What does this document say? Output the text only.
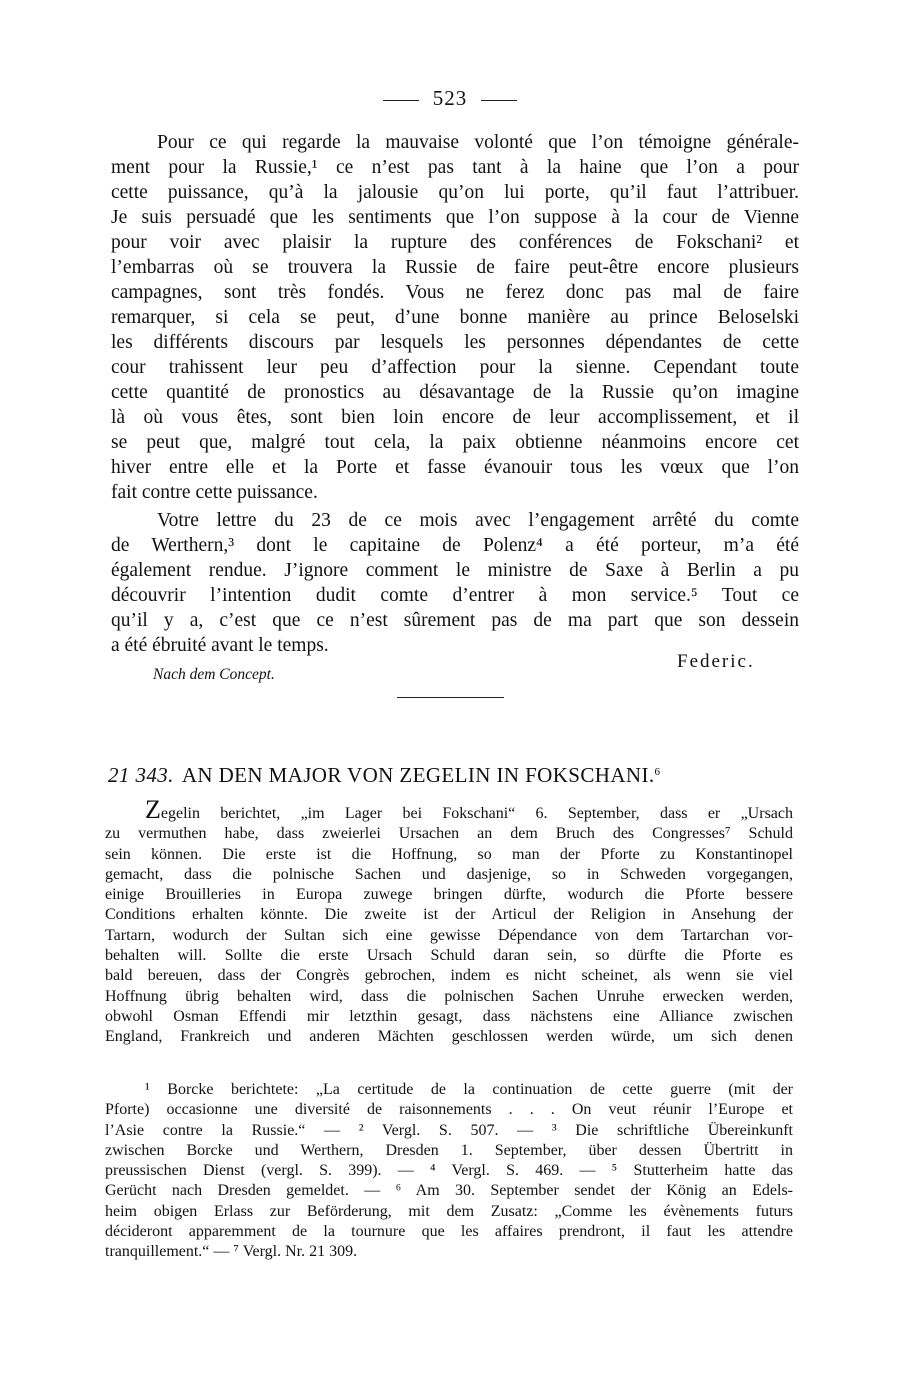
523
Pour ce qui regarde la mauvaise volonté que l’on témoigne générale-
ment pour la Russie,¹ ce n’est pas tant à la haine que l’on a pour
cette puissance, qu’à la jalousie qu’on lui porte, qu’il faut l’attribuer.
Je suis persuadé que les sentiments que l’on suppose à la cour de Vienne
pour voir avec plaisir la rupture des conférences de Fokschani² et
l’embarras où se trouvera la Russie de faire peut-être encore plusieurs
campagnes, sont très fondés. Vous ne ferez donc pas mal de faire
remarquer, si cela se peut, d’une bonne manière au prince Beloselski
les différents discours par lesquels les personnes dépendantes de cette
cour trahissent leur peu d’affection pour la sienne. Cependant toute
cette quantité de pronostics au désavantage de la Russie qu’on imagine
là où vous êtes, sont bien loin encore de leur accomplissement, et il
se peut que, malgré tout cela, la paix obtienne néanmoins encore cet
hiver entre elle et la Porte et fasse évanouir tous les vœux que l’on
fait contre cette puissance.
Votre lettre du 23 de ce mois avec l’engagement arrêté du comte
de Werthern,³ dont le capitaine de Polenz⁴ a été porteur, m’a été
également rendue. J’ignore comment le ministre de Saxe à Berlin a pu
découvrir l’intention dudit comte d’entrer à mon service.⁵ Tout ce
qu’il y a, c’est que ce n’est sûrement pas de ma part que son dessein
a été ébruité avant le temps.
Federic.
Nach dem Concept.
21 343. AN DEN MAJOR VON ZEGELIN IN FOKSCHANI.$^6$
Zegelin berichtet, „im Lager bei Fokschani“ 6. September, dass er „Ursach
zu vermuthen habe, dass zweierlei Ursachen an dem Bruch des Congresses⁷ Schuld
sein können. Die erste ist die Hoffnung, so man der Pforte zu Konstantinopel
gemacht, dass die polnische Sachen und dasjenige, so in Schweden vorgegangen,
einige Brouilleries in Europa zuwege bringen dürfte, wodurch die Pforte bessere
Conditions erhalten könnte. Die zweite ist der Articul der Religion in Ansehung der
Tartarn, wodurch der Sultan sich eine gewisse Dépendance von dem Tartarchan vor-
behalten will. Sollte die erste Ursach Schuld daran sein, so dürfte die Pforte es
bald bereuen, dass der Congrès gebrochen, indem es nicht scheinet, als wenn sie viel
Hoffnung übrig behalten wird, dass die polnischen Sachen Unruhe erwecken werden,
obwohl Osman Effendi mir letzthin gesagt, dass nächstens eine Alliance zwischen
England, Frankreich und anderen Mächten geschlossen werden würde, um sich denen
¹ Borcke berichtete: „La certitude de la continuation de cette guerre (mit der
Pforte) occasionne une diversité de raisonnements . . . On veut réunir l’Europe et
l’Asie contre la Russie.“ — ² Vergl. S. 507. — ³ Die schriftliche Übereinkunft
zwischen Borcke und Werthern, Dresden 1. September, über dessen Übertritt in
preussischen Dienst (vergl. S. 399). — ⁴ Vergl. S. 469. — ⁵ Stutterheim hatte das
Gerücht nach Dresden gemeldet. — ⁶ Am 30. September sendet der König an Edels-
heim obigen Erlass zur Beförderung, mit dem Zusatz: „Comme les évènements futurs
décideront apparemment de la tournure que les affaires prendront, il faut les attendre
tranquillement.“ — ⁷ Vergl. Nr. 21 309.
